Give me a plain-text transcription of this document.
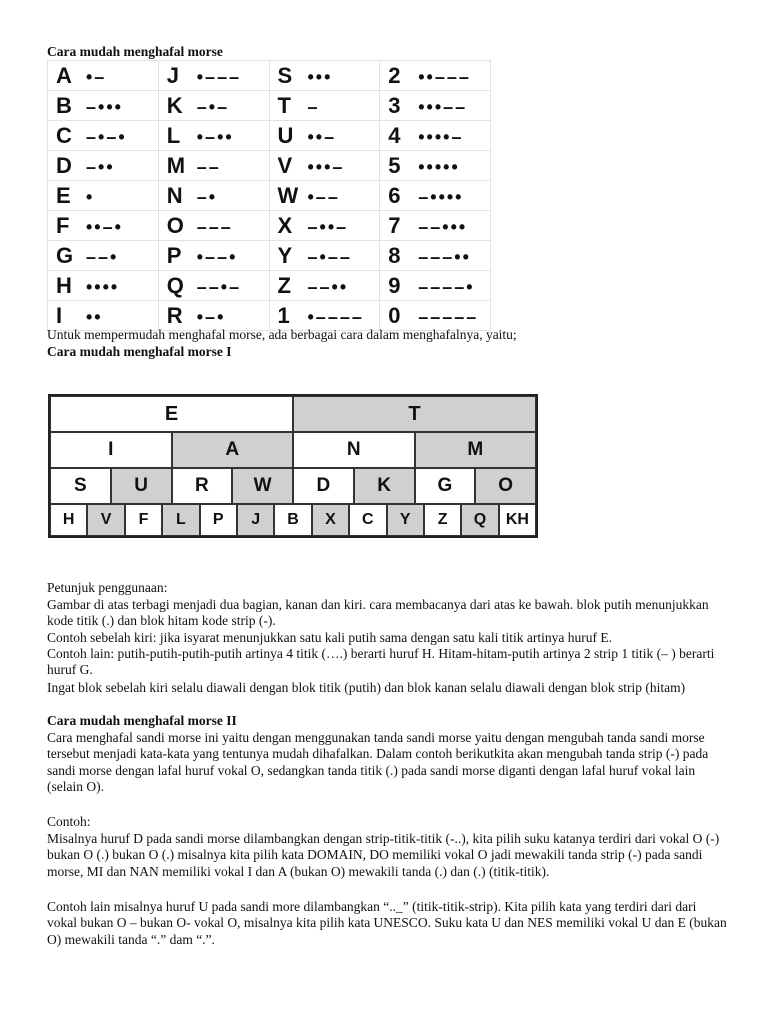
Cara mudah menghafal morse
A •–	J •–––	S •••	2 ••–––
B –•••	K –•–	T –	3 •••––
C –•–•	L •–••	U ••–	4 ••••–
D –••	M ––	V •••–	5 •••••
E •	N –•	W •––	6 –••••
F ••–•	O –––	X –••–	7 ––•••
G ––•	P •––•	Y –•––	8 –––••
H ••••	Q ––•–	Z ––••	9 ––––•
I ••	R •–•	1 •––––	0 –––––
Untuk mempermudah menghafal morse, ada berbagai cara dalam menghafalnya, yaitu;
Cara mudah menghafal morse I
E	T
I	A	N	M
S	U	R	W	D	K	G	O
H	V	F	L	P	J	B	X	C	Y	Z	Q	KH
Petunjuk penggunaan:
Gambar di atas terbagi menjadi dua bagian, kanan dan kiri. cara membacanya dari atas ke bawah. blok putih menunjukkan kode titik (.) dan blok hitam kode strip (-).
Contoh sebelah kiri: jika isyarat menunjukkan satu kali putih sama dengan satu kali titik artinya huruf E.
Contoh lain: putih-putih-putih-putih artinya 4 titik (….) berarti huruf H. Hitam-hitam-putih artinya 2 strip 1 titik (– ) berarti huruf G.
Ingat blok sebelah kiri selalu diawali dengan blok titik (putih) dan blok kanan selalu diawali dengan blok strip (hitam)
Cara mudah menghafal morse II
Cara menghafal sandi morse ini yaitu dengan menggunakan tanda sandi morse yaitu dengan mengubah tanda sandi morse tersebut menjadi kata-kata yang tentunya mudah dihafalkan. Dalam contoh berikutkita akan mengubah tanda strip (-) pada sandi morse dengan lafal huruf vokal O, sedangkan tanda titik (.) pada sandi morse diganti dengan lafal huruf vokal lain (selain O).
Contoh:
Misalnya huruf D pada sandi morse dilambangkan dengan strip-titik-titik (-..), kita pilih suku katanya terdiri dari vokal O (-) bukan O (.) bukan O (.) misalnya kita pilih kata DOMAIN, DO memiliki vokal O jadi mewakili tanda strip (-) pada sandi morse, MI dan NAN memiliki vokal I dan A (bukan O) mewakili tanda (.) dan (.) (titik-titik).
Contoh lain misalnya huruf U pada sandi more dilambangkan “.._” (titik-titik-strip). Kita pilih kata yang terdiri dari dari vokal bukan O – bukan O- vokal O, misalnya kita pilih kata UNESCO. Suku kata U dan NES memiliki vokal U dan E (bukan O) mewakili tanda “.” dam “.”.
